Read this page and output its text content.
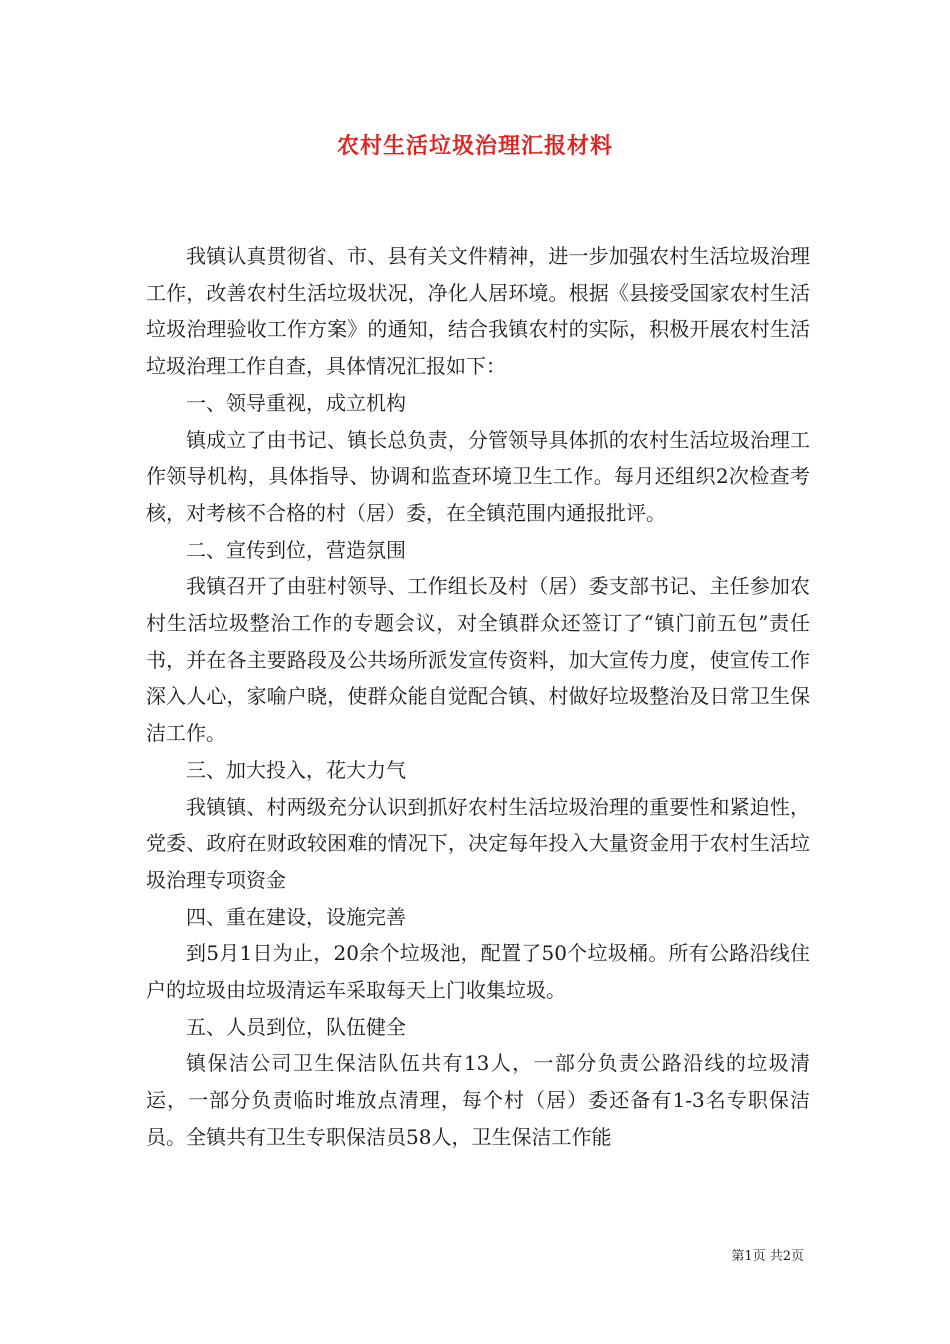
农村生活垃圾治理汇报材料

我镇认真贯彻省、市、县有关文件精神，进一步加强农村生活垃圾治理工作，改善农村生活垃圾状况，净化人居环境。根据《县接受国家农村生活垃圾治理验收工作方案》的通知，结合我镇农村的实际，积极开展农村生活垃圾治理工作自查，具体情况汇报如下：

一、领导重视，成立机构

镇成立了由书记、镇长总负责，分管领导具体抓的农村生活垃圾治理工作领导机构，具体指导、协调和监查环境卫生工作。每月还组织2次检查考核，对考核不合格的村（居）委，在全镇范围内通报批评。

二、宣传到位，营造氛围

我镇召开了由驻村领导、工作组长及村（居）委支部书记、主任参加农村生活垃圾整治工作的专题会议，对全镇群众还签订了“镇门前五包”责任书，并在各主要路段及公共场所派发宣传资料，加大宣传力度，使宣传工作深入人心，家喻户晓，使群众能自觉配合镇、村做好垃圾整治及日常卫生保洁工作。

三、加大投入，花大力气

我镇镇、村两级充分认识到抓好农村生活垃圾治理的重要性和紧迫性，党委、政府在财政较困难的情况下，决定每年投入大量资金用于农村生活垃圾治理专项资金

四、重在建设，设施完善

到5月1日为止，20余个垃圾池，配置了50个垃圾桶。所有公路沿线住户的垃圾由垃圾清运车采取每天上门收集垃圾。

五、人员到位，队伍健全

镇保洁公司卫生保洁队伍共有13人，一部分负责公路沿线的垃圾清运，一部分负责临时堆放点清理，每个村（居）委还备有1-3名专职保洁员。全镇共有卫生专职保洁员58人，卫生保洁工作能

第1页 共2页
